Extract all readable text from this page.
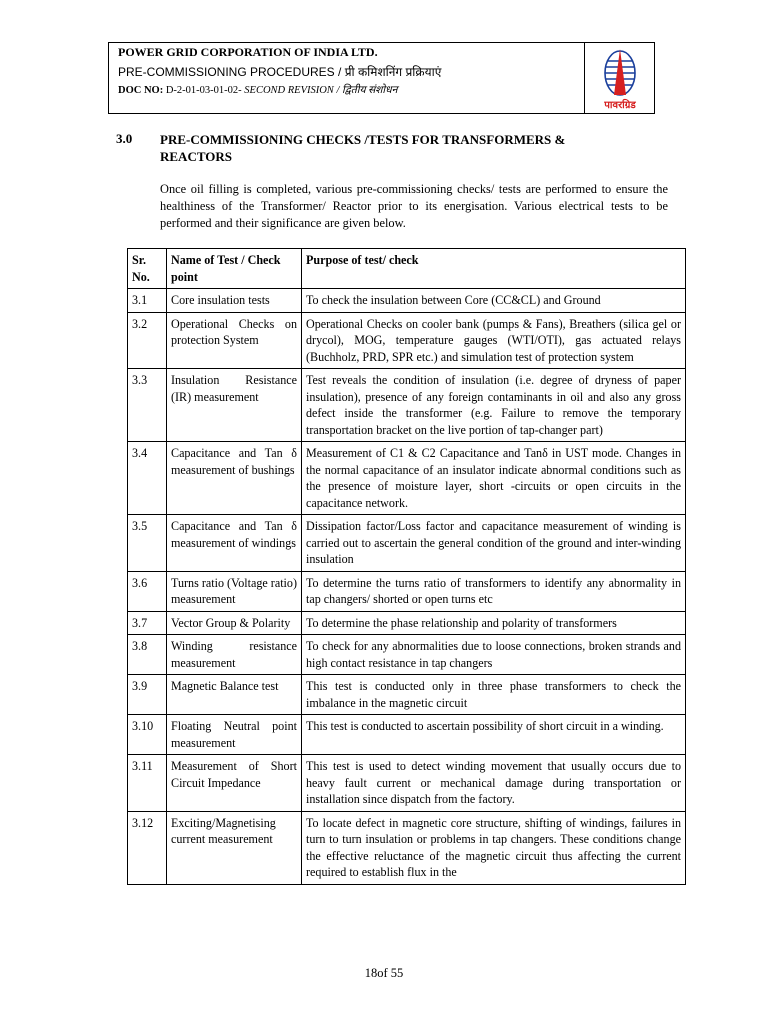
POWER GRID CORPORATION OF INDIA LTD.
PRE-COMMISSIONING PROCEDURES / प्री कमिशनिंग प्रक्रियाएं
DOC NO: D-2-01-03-01-02- SECOND REVISION / द्वितीय संशोधन
पावरग्रिड
3.0 PRE-COMMISSIONING CHECKS /TESTS FOR TRANSFORMERS & REACTORS
Once oil filling is completed, various pre-commissioning checks/ tests are performed to ensure the healthiness of the Transformer/ Reactor prior to its energisation. Various electrical tests to be performed and their significance are given below.
Sr. No.	Name of Test / Check point	Purpose of test/ check
3.1	Core insulation tests	To check the insulation between Core (CC&CL) and Ground
3.2	Operational Checks on protection System	Operational Checks on cooler bank (pumps & Fans), Breathers (silica gel or drycol), MOG, temperature gauges (WTI/OTI), gas actuated relays (Buchholz, PRD, SPR etc.) and simulation test of protection system
3.3	Insulation Resistance (IR) measurement	Test reveals the condition of insulation (i.e. degree of dryness of paper insulation), presence of any foreign contaminants in oil and also any gross defect inside the transformer (e.g. Failure to remove the temporary transportation bracket on the live portion of tap-changer part)
3.4	Capacitance and Tan δ measurement of bushings	Measurement of C1 & C2 Capacitance and Tanδ in UST mode. Changes in the normal capacitance of an insulator indicate abnormal conditions such as the presence of moisture layer, short -circuits or open circuits in the capacitance network.
3.5	Capacitance and Tan δ measurement of windings	Dissipation factor/Loss factor and capacitance measurement of winding is carried out to ascertain the general condition of the ground and inter-winding insulation
3.6	Turns ratio (Voltage ratio) measurement	To determine the turns ratio of transformers to identify any abnormality in tap changers/ shorted or open turns etc
3.7	Vector Group & Polarity	To determine the phase relationship and polarity of transformers
3.8	Winding resistance measurement	To check for any abnormalities due to loose connections, broken strands and high contact resistance in tap changers
3.9	Magnetic Balance test	This test is conducted only in three phase transformers to check the imbalance in the magnetic circuit
3.10	Floating Neutral point measurement	This test is conducted to ascertain possibility of short circuit in a winding.
3.11	Measurement of Short Circuit Impedance	This test is used to detect winding movement that usually occurs due to heavy fault current or mechanical damage during transportation or installation since dispatch from the factory.
3.12	Exciting/Magnetising current measurement	To locate defect in magnetic core structure, shifting of windings, failures in turn to turn insulation or problems in tap changers. These conditions change the effective reluctance of the magnetic circuit thus affecting the current required to establish flux in the
18of 55
